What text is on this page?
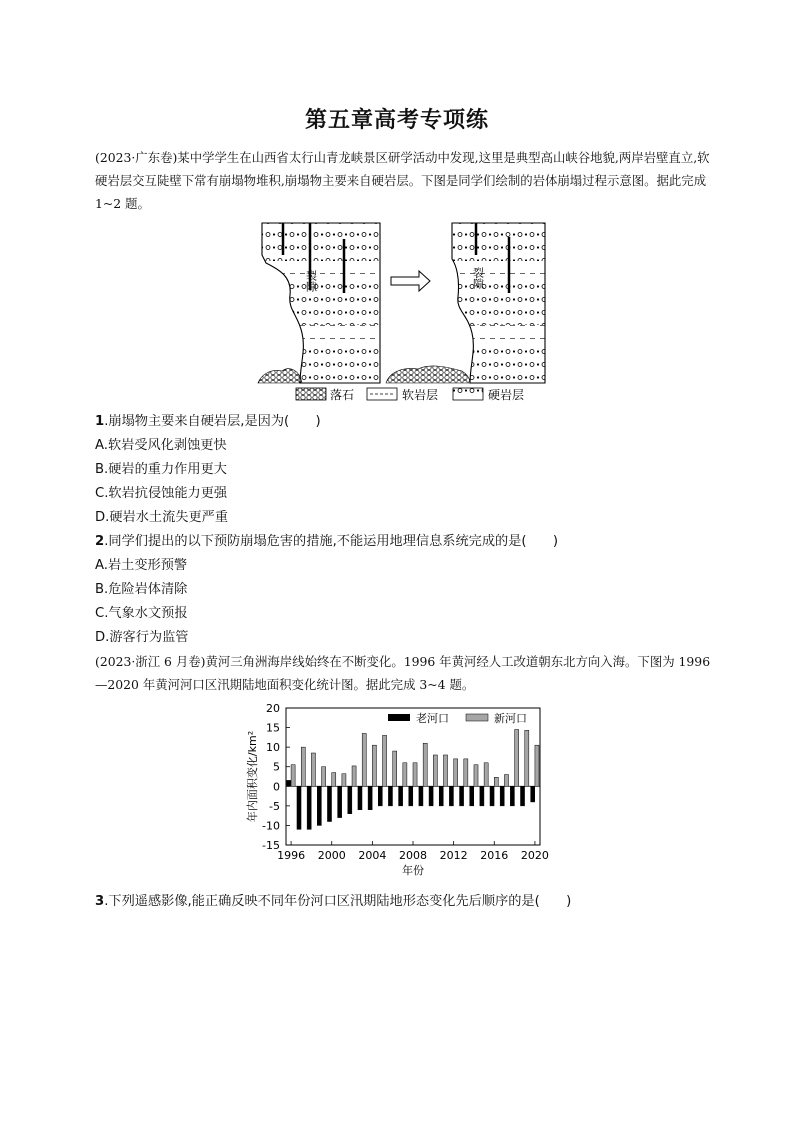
第五章高考专项练
(2023·广东卷)某中学学生在山西省太行山青龙峡景区研学活动中发现,这里是典型高山峡谷地貌,两岸岩壁直立,软硬岩层交互陡壁下常有崩塌物堆积,崩塌物主要来自硬岩层。下图是同学们绘制的岩体崩塌过程示意图。据此完成 1~2 题。
裂隙	裂隙
落石	软岩层	硬岩层
1.崩塌物主要来自硬岩层,是因为(　　)
A.软岩受风化剥蚀更快
B.硬岩的重力作用更大
C.软岩抗侵蚀能力更强
D.硬岩水土流失更严重
2.同学们提出的以下预防崩塌危害的措施,不能运用地理信息系统完成的是(　　)
A.岩土变形预警
B.危险岩体清除
C.气象水文预报
D.游客行为监管
(2023·浙江 6 月卷)黄河三角洲海岸线始终在不断变化。1996 年黄河经人工改道朝东北方向入海。下图为 1996—2020 年黄河河口区汛期陆地面积变化统计图。据此完成 3~4 题。
-15
-10
-5
0
5
10
15
20
1996 2000 2004 2008 2012 2016 2020
老河口	新河口
年份
年内面积变化/km²
3.下列遥感影像,能正确反映不同年份河口区汛期陆地形态变化先后顺序的是(　　)
